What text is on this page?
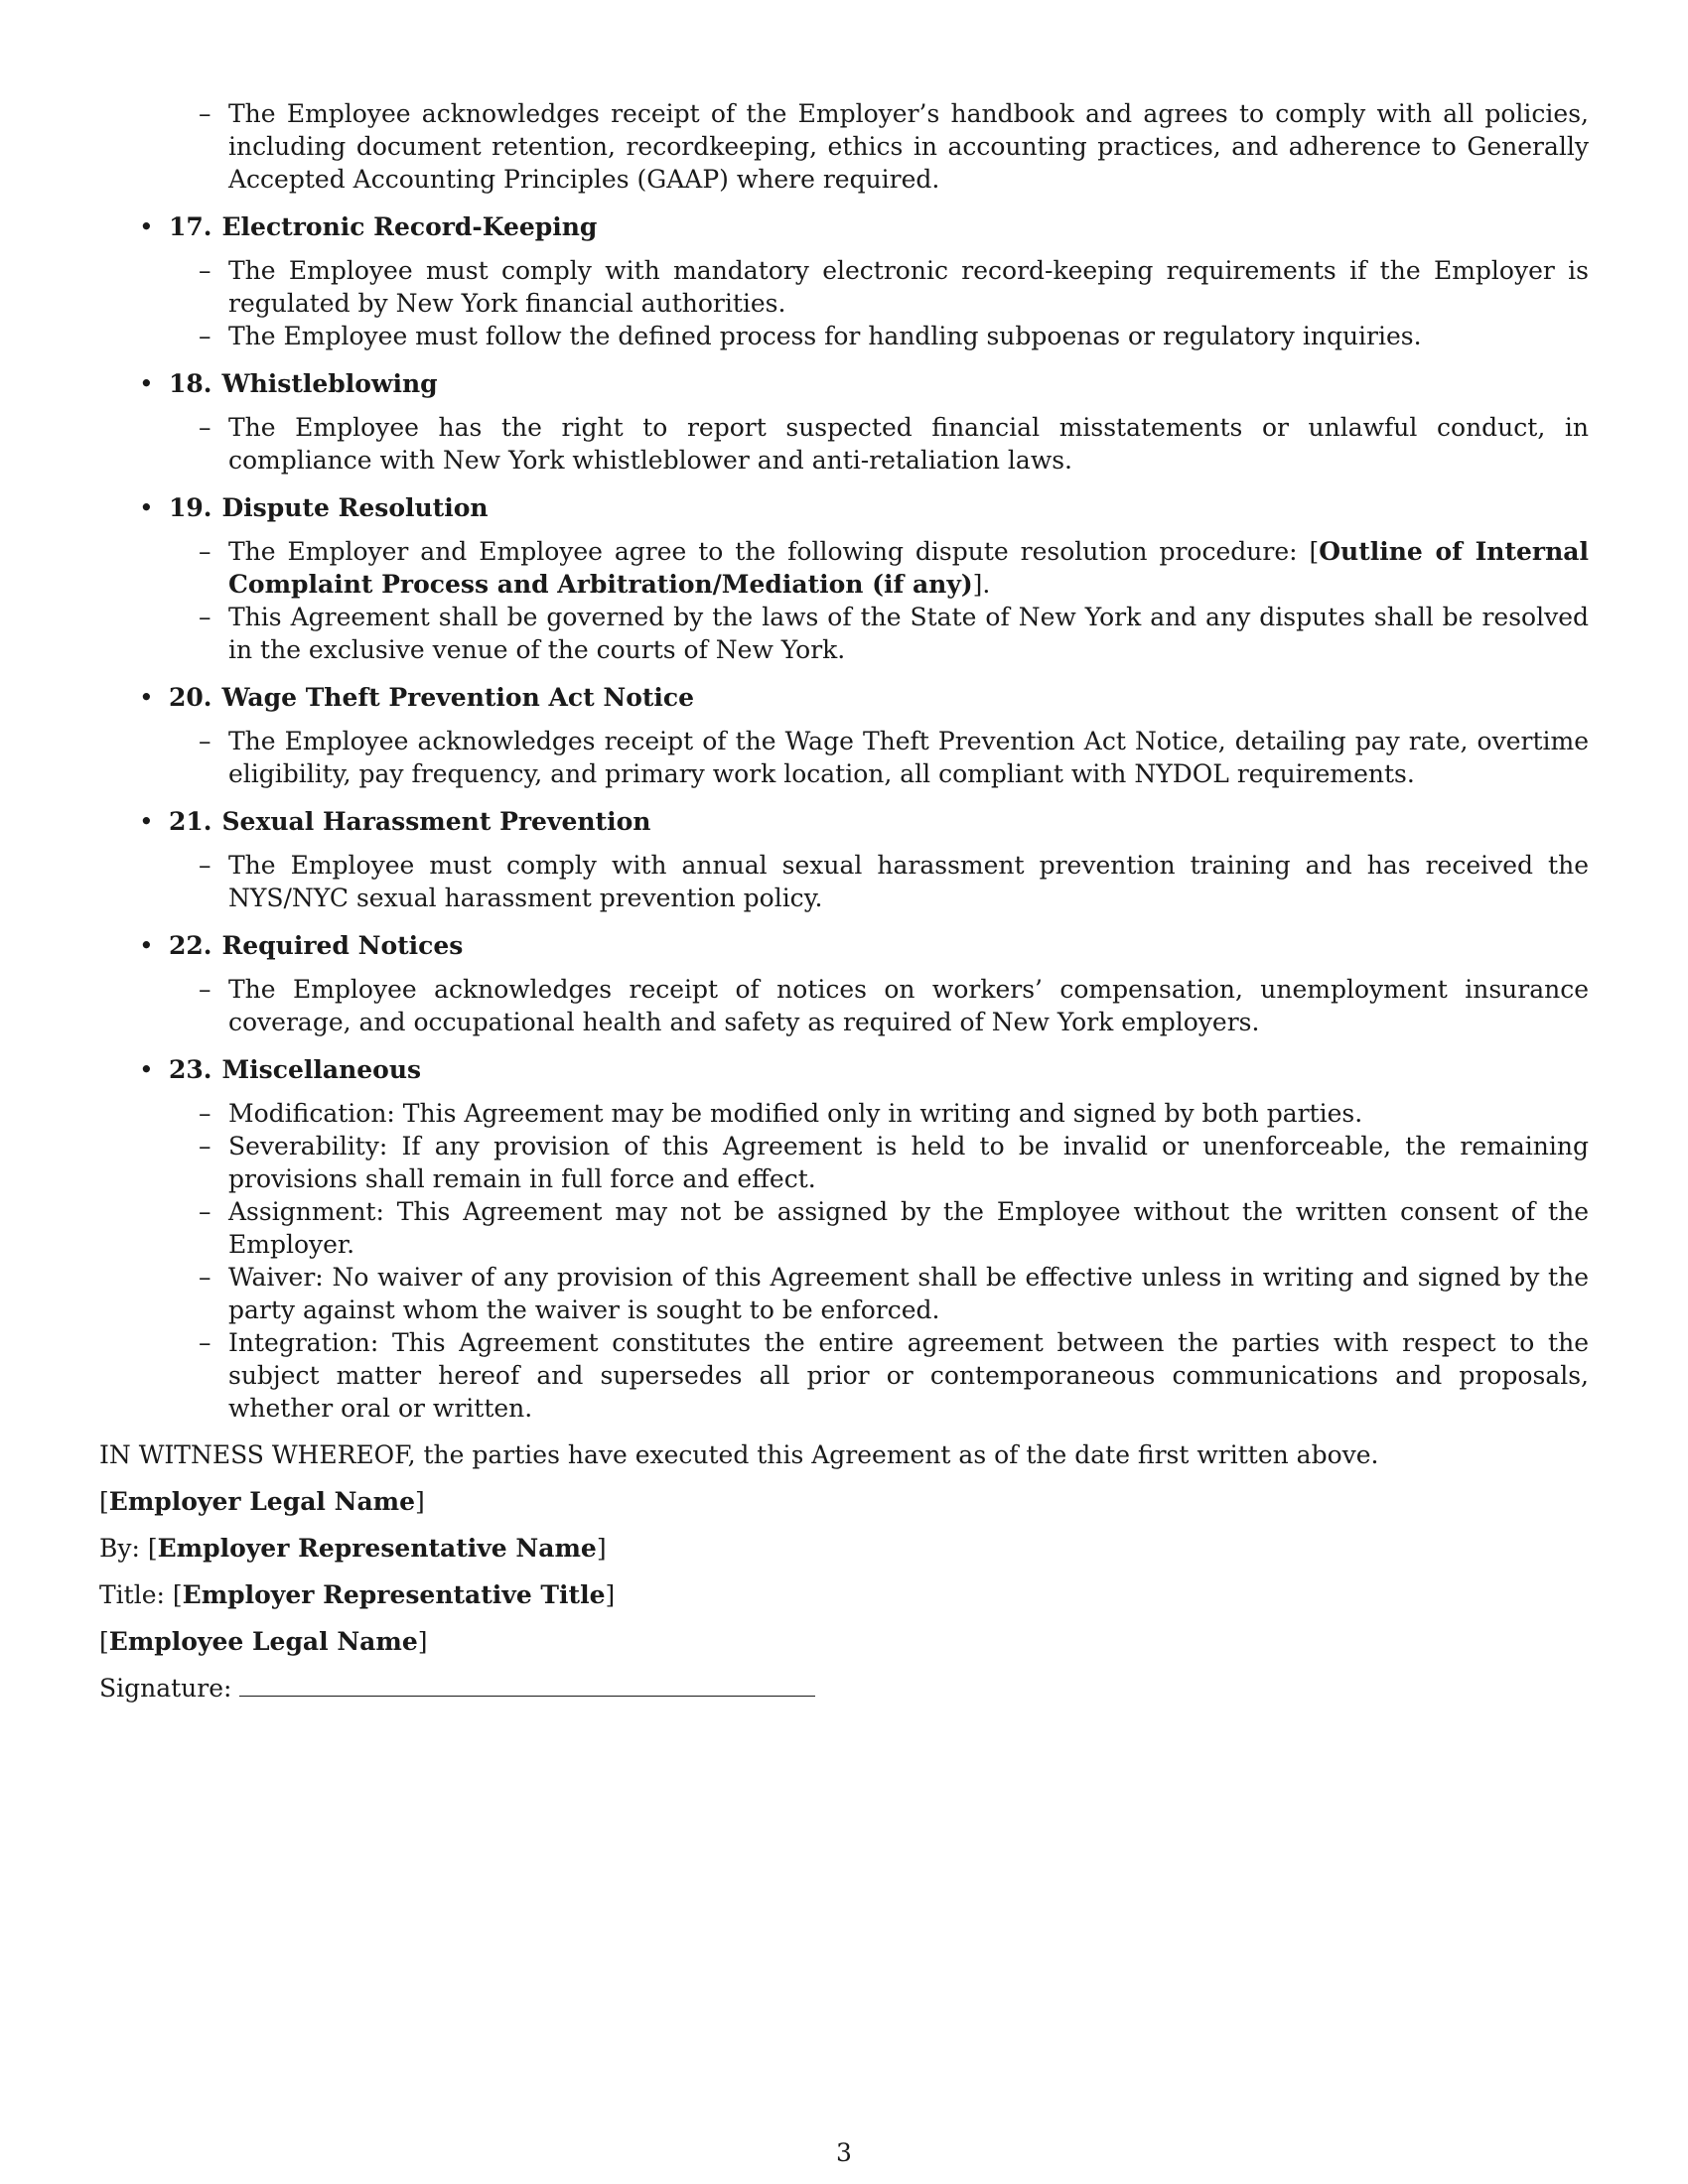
– The Employee acknowledges receipt of the Employer’s handbook and agrees to comply with all policies, including document retention, recordkeeping, ethics in accounting practices, and adherence to Generally Accepted Accounting Principles (GAAP) where required.
• 17. Electronic Record-Keeping
– The Employee must comply with mandatory electronic record-keeping requirements if the Employer is regulated by New York financial authorities.
– The Employee must follow the defined process for handling subpoenas or regulatory inquiries.
• 18. Whistleblowing
– The Employee has the right to report suspected financial misstatements or unlawful conduct, in compliance with New York whistleblower and anti-retaliation laws.
• 19. Dispute Resolution
– The Employer and Employee agree to the following dispute resolution procedure: [Outline of Internal Complaint Process and Arbitration/Mediation (if any)].
– This Agreement shall be governed by the laws of the State of New York and any disputes shall be resolved in the exclusive venue of the courts of New York.
• 20. Wage Theft Prevention Act Notice
– The Employee acknowledges receipt of the Wage Theft Prevention Act Notice, detailing pay rate, overtime eligibility, pay frequency, and primary work location, all compliant with NYDOL requirements.
• 21. Sexual Harassment Prevention
– The Employee must comply with annual sexual harassment prevention training and has received the NYS/NYC sexual harassment prevention policy.
• 22. Required Notices
– The Employee acknowledges receipt of notices on workers’ compensation, unemployment insurance coverage, and occupational health and safety as required of New York employers.
• 23. Miscellaneous
– Modification: This Agreement may be modified only in writing and signed by both parties.
– Severability: If any provision of this Agreement is held to be invalid or unenforceable, the remaining provisions shall remain in full force and effect.
– Assignment: This Agreement may not be assigned by the Employee without the written consent of the Employer.
– Waiver: No waiver of any provision of this Agreement shall be effective unless in writing and signed by the party against whom the waiver is sought to be enforced.
– Integration: This Agreement constitutes the entire agreement between the parties with respect to the subject matter hereof and supersedes all prior or contemporaneous communications and proposals, whether oral or written.
IN WITNESS WHEREOF, the parties have executed this Agreement as of the date first written above.
[Employer Legal Name]
By: [Employer Representative Name]
Title: [Employer Representative Title]
[Employee Legal Name]
Signature:
3
